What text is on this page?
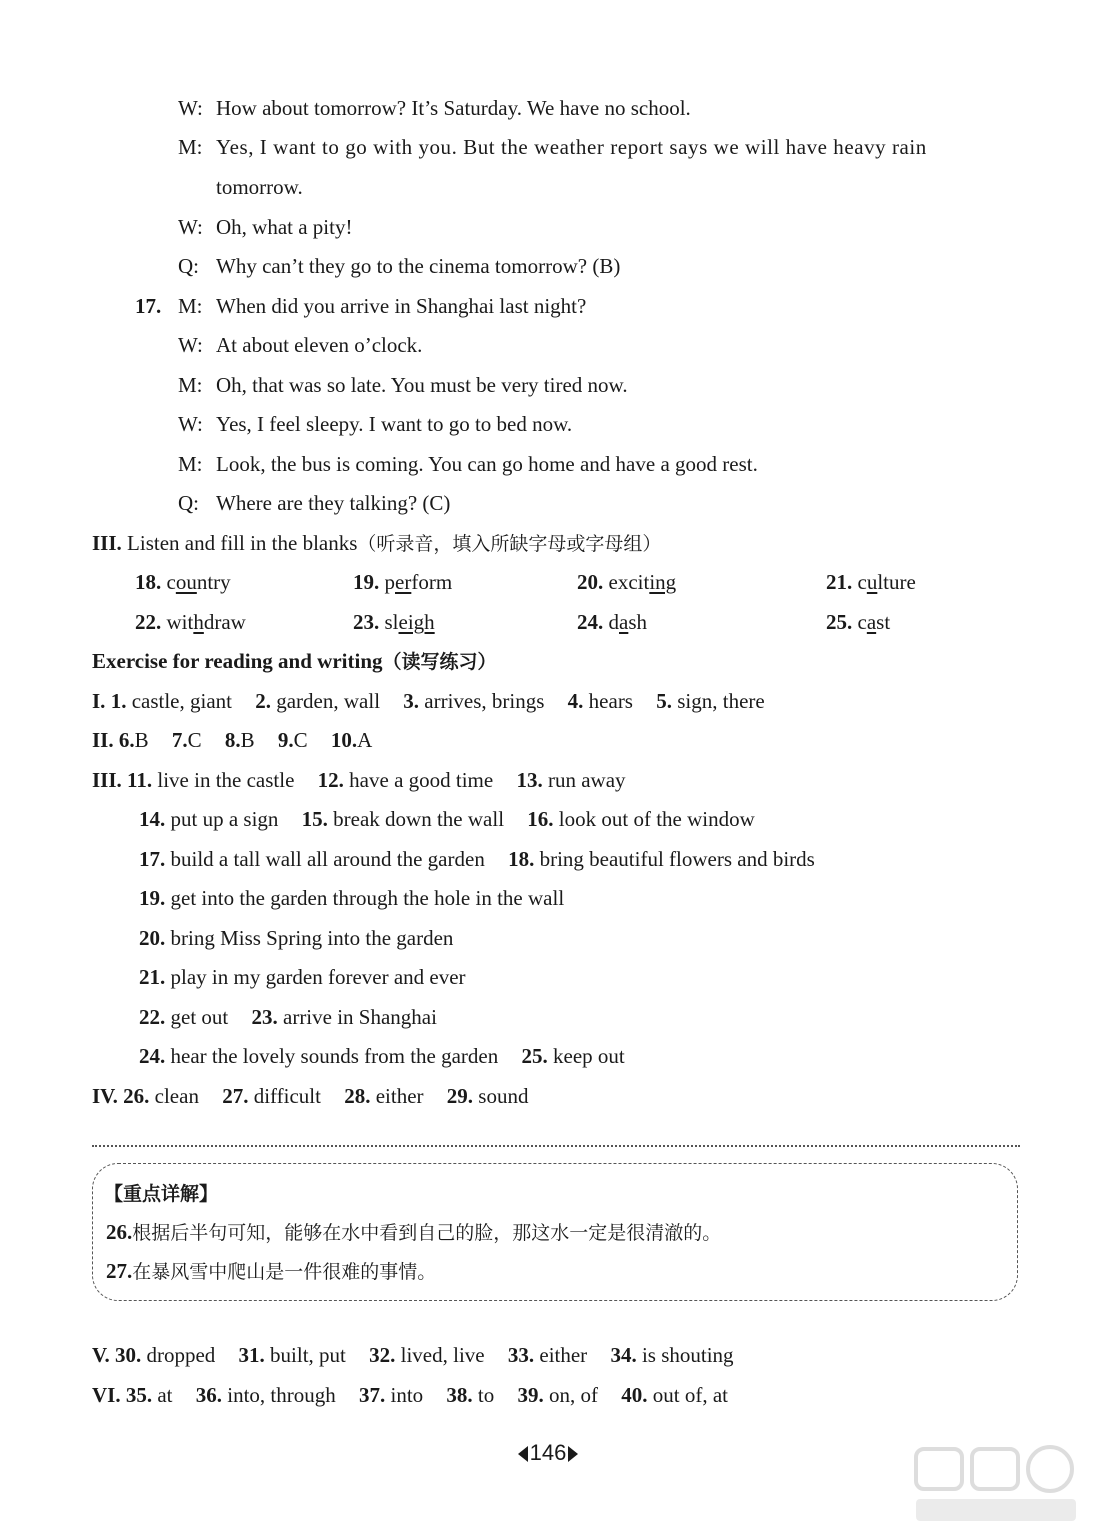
W: How about tomorrow? It’s Saturday. We have no school.
M: Yes, I want to go with you. But the weather report says we will have heavy rain
tomorrow.
W: Oh, what a pity!
Q: Why can’t they go to the cinema tomorrow? (B)
17. M: When did you arrive in Shanghai last night?
W: At about eleven o’clock.
M: Oh, that was so late. You must be very tired now.
W: Yes, I feel sleepy. I want to go to bed now.
M: Look, the bus is coming. You can go home and have a good rest.
Q: Where are they talking? (C)
III. Listen and fill in the blanks（听录音，填入所缺字母或字母组）
18. country	19. perform	20. exciting	21. culture
22. withdraw	23. sleigh	24. dash	25. cast
Exercise for reading and writing（读写练习）
I. 1. castle, giant 2. garden, wall 3. arrives, brings 4. hears 5. sign, there
II. 6.B 7.C 8.B 9.C 10.A
III. 11. live in the castle 12. have a good time 13. run away
14. put up a sign 15. break down the wall 16. look out of the window
17. build a tall wall all around the garden 18. bring beautiful flowers and birds
19. get into the garden through the hole in the wall
20. bring Miss Spring into the garden
21. play in my garden forever and ever
22. get out 23. arrive in Shanghai
24. hear the lovely sounds from the garden 25. keep out
IV. 26. clean 27. difficult 28. either 29. sound
【重点详解】
26.根据后半句可知，能够在水中看到自己的脸，那这水一定是很清澈的。
27.在暴风雪中爬山是一件很难的事情。
V. 30. dropped 31. built, put 32. lived, live 33. either 34. is shouting
VI. 35. at 36. into, through 37. into 38. to 39. on, of 40. out of, at
146
